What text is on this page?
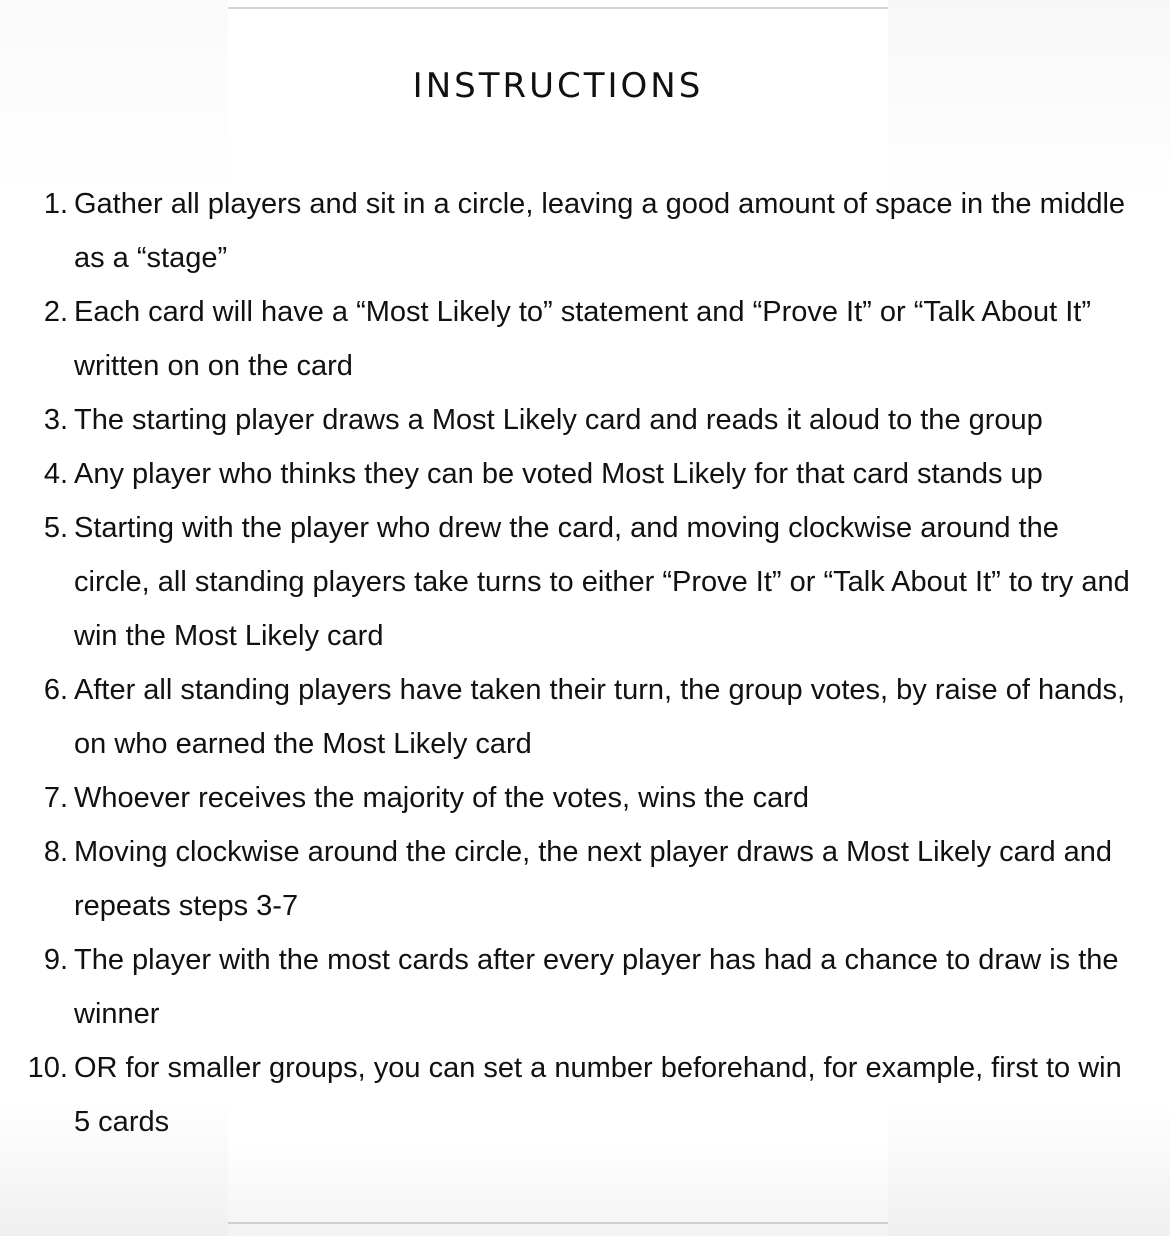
INSTRUCTIONS
1. Gather all players and sit in a circle, leaving a good amount of space in the middle as a “stage”
2. Each card will have a “Most Likely to” statement and “Prove It” or “Talk About It” written on on the card
3. The starting player draws a Most Likely card and reads it aloud to the group
4. Any player who thinks they can be voted Most Likely for that card stands up
5. Starting with the player who drew the card, and moving clockwise around the circle, all standing players take turns to either “Prove It” or “Talk About It” to try and win the Most Likely card
6. After all standing players have taken their turn, the group votes, by raise of hands, on who earned the Most Likely card
7. Whoever receives the majority of the votes, wins the card
8. Moving clockwise around the circle, the next player draws a Most Likely card and repeats steps 3-7
9. The player with the most cards after every player has had a chance to draw is the winner
10. OR for smaller groups, you can set a number beforehand, for example, first to win 5 cards
